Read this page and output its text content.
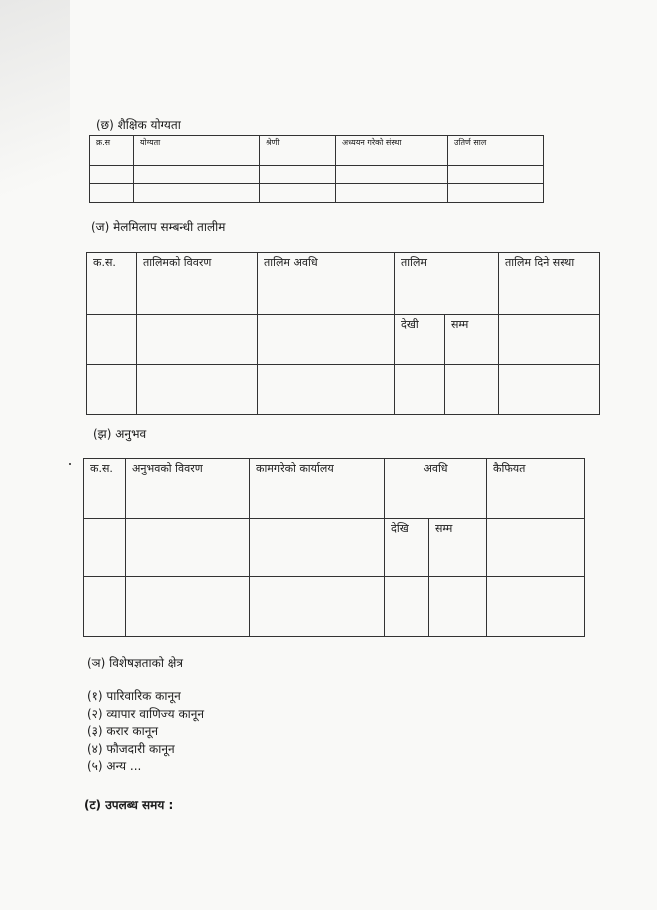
(छ) शैक्षिक योग्यता
क्र.स	योग्यता	श्रेणी	अध्ययन गरेको संस्था	उतिर्ण साल

(ज) मेलमिलाप सम्बन्धी तालीम
क.स.	तालिमको विवरण	तालिम अवधि	तालिम		तालिम दिने सस्था
			देखी	सम्म	

(झ) अनुभव
क.स.	अनुभवको विवरण	कामगरेको कार्यालय	अवधि		कैफियत
			देखि	सम्म	

(ञ) विशेषज्ञताको क्षेत्र
(१) पारिवारिक कानून
(२) व्यापार वाणिज्य कानून
(३) करार कानून
(४) फौजदारी कानून
(५) अन्य ...
(ट) उपलब्ध समय :
